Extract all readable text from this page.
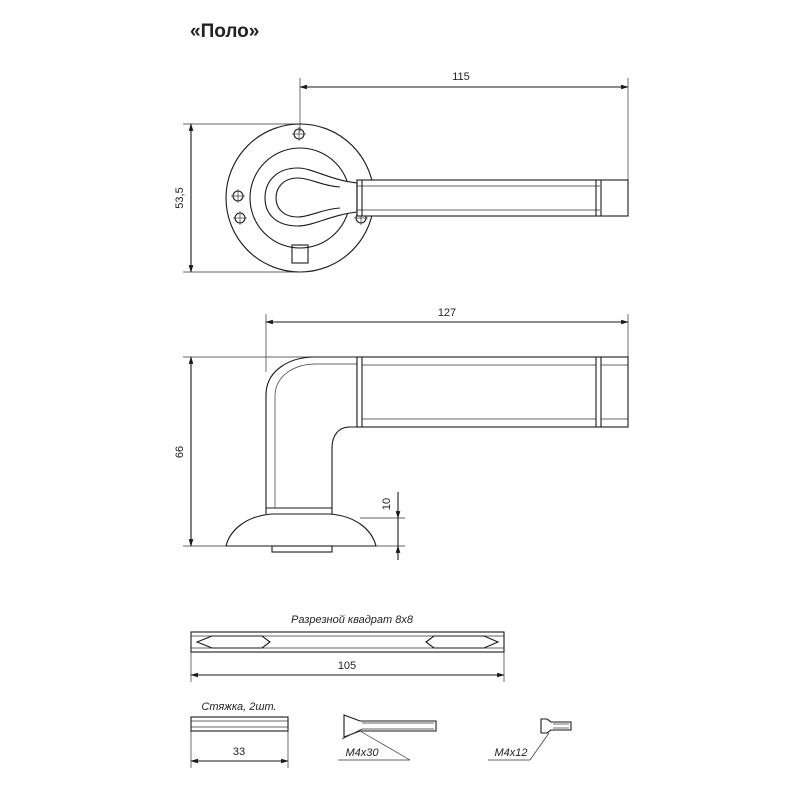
«Поло»
115
53,5
127
66
10
Разрезной квадрат 8х8
105
Стяжка, 2шт.
33	M4x30	M4x12
